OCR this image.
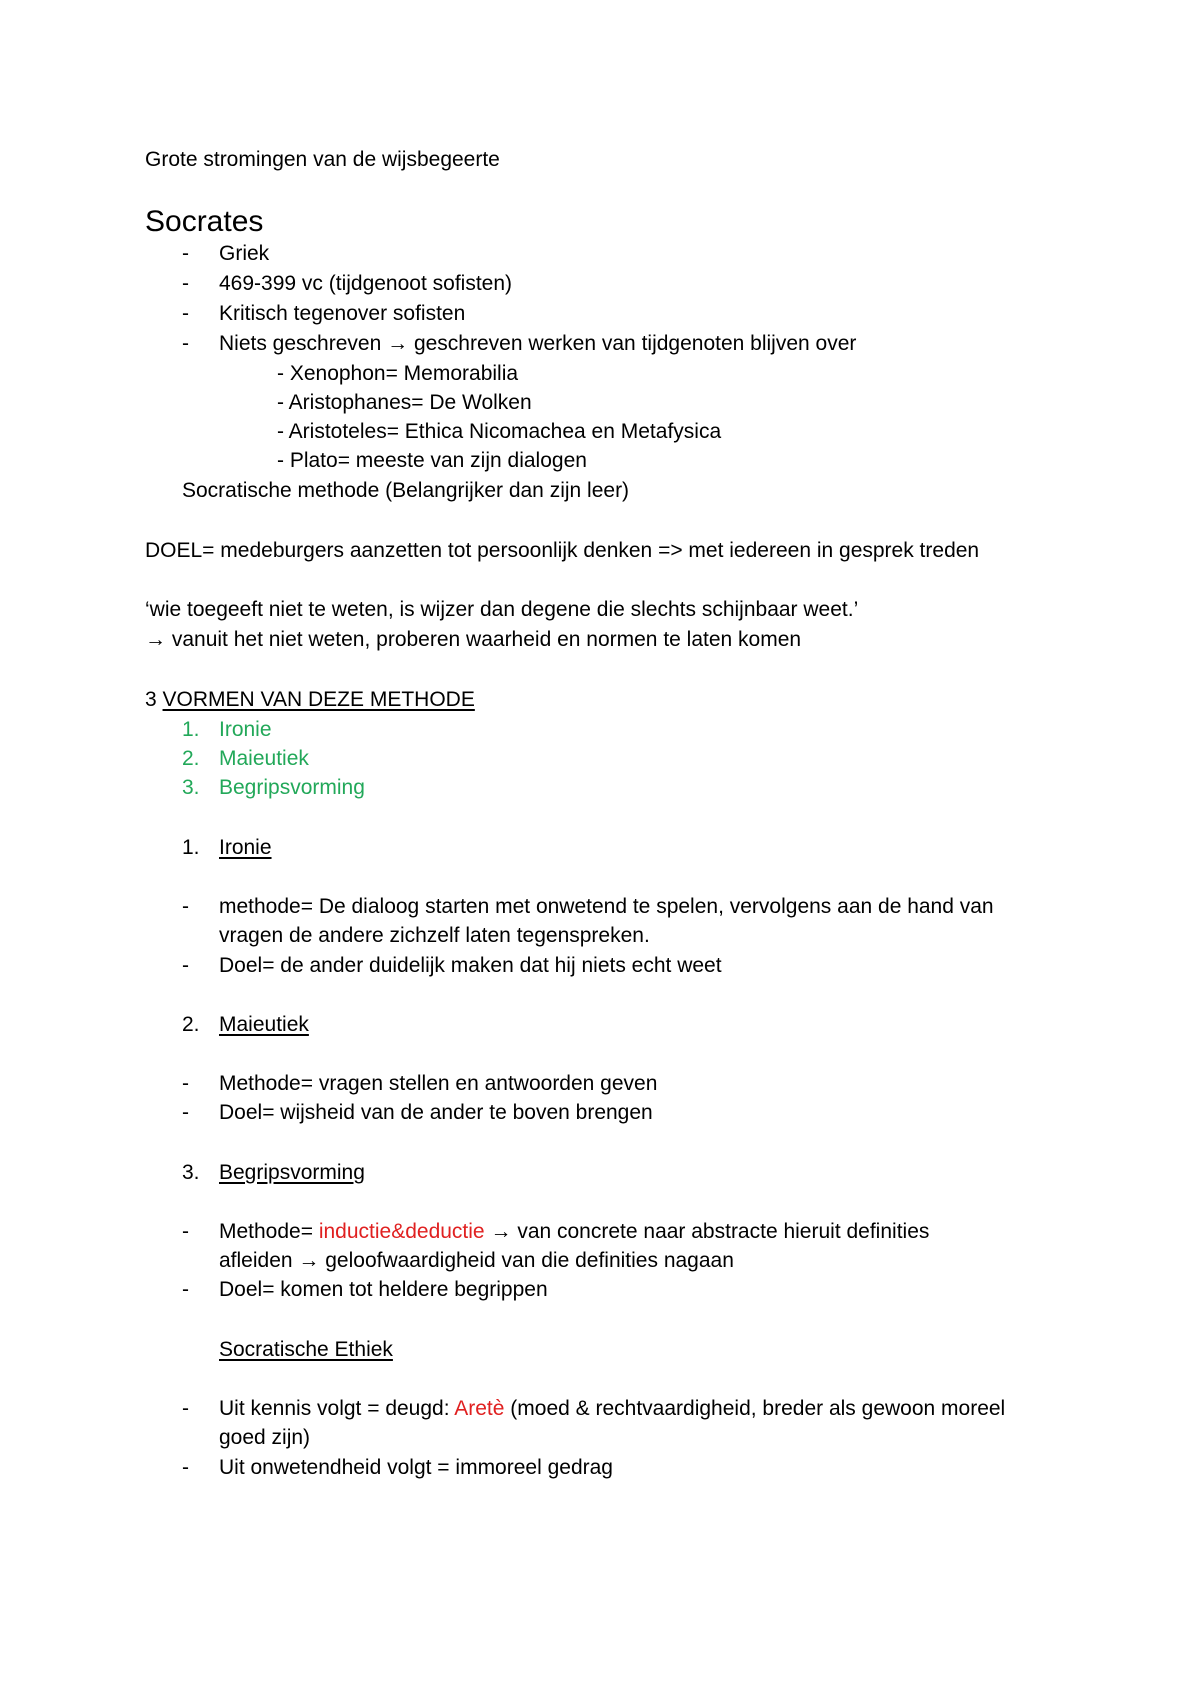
Grote stromingen van de wijsbegeerte
Socrates
- Griek
- 469-399 vc (tijdgenoot sofisten)
- Kritisch tegenover sofisten
- Niets geschreven → geschreven werken van tijdgenoten blijven over
- Xenophon= Memorabilia
- Aristophanes= De Wolken
- Aristoteles= Ethica Nicomachea en Metafysica
- Plato= meeste van zijn dialogen
Socratische methode (Belangrijker dan zijn leer)
DOEL= medeburgers aanzetten tot persoonlijk denken => met iedereen in gesprek treden
‘wie toegeeft niet te weten, is wijzer dan degene die slechts schijnbaar weet.’
→ vanuit het niet weten, proberen waarheid en normen te laten komen
3 VORMEN VAN DEZE METHODE
1. Ironie
2. Maieutiek
3. Begripsvorming
1. Ironie
- methode= De dialoog starten met onwetend te spelen, vervolgens aan de hand van
vragen de andere zichzelf laten tegenspreken.
- Doel= de ander duidelijk maken dat hij niets echt weet
2. Maieutiek
- Methode= vragen stellen en antwoorden geven
- Doel= wijsheid van de ander te boven brengen
3. Begripsvorming
- Methode= inductie&deductie → van concrete naar abstracte hieruit definities
afleiden → geloofwaardigheid van die definities nagaan
- Doel= komen tot heldere begrippen
Socratische Ethiek
- Uit kennis volgt = deugd: Aretè (moed & rechtvaardigheid, breder als gewoon moreel
goed zijn)
- Uit onwetendheid volgt = immoreel gedrag
